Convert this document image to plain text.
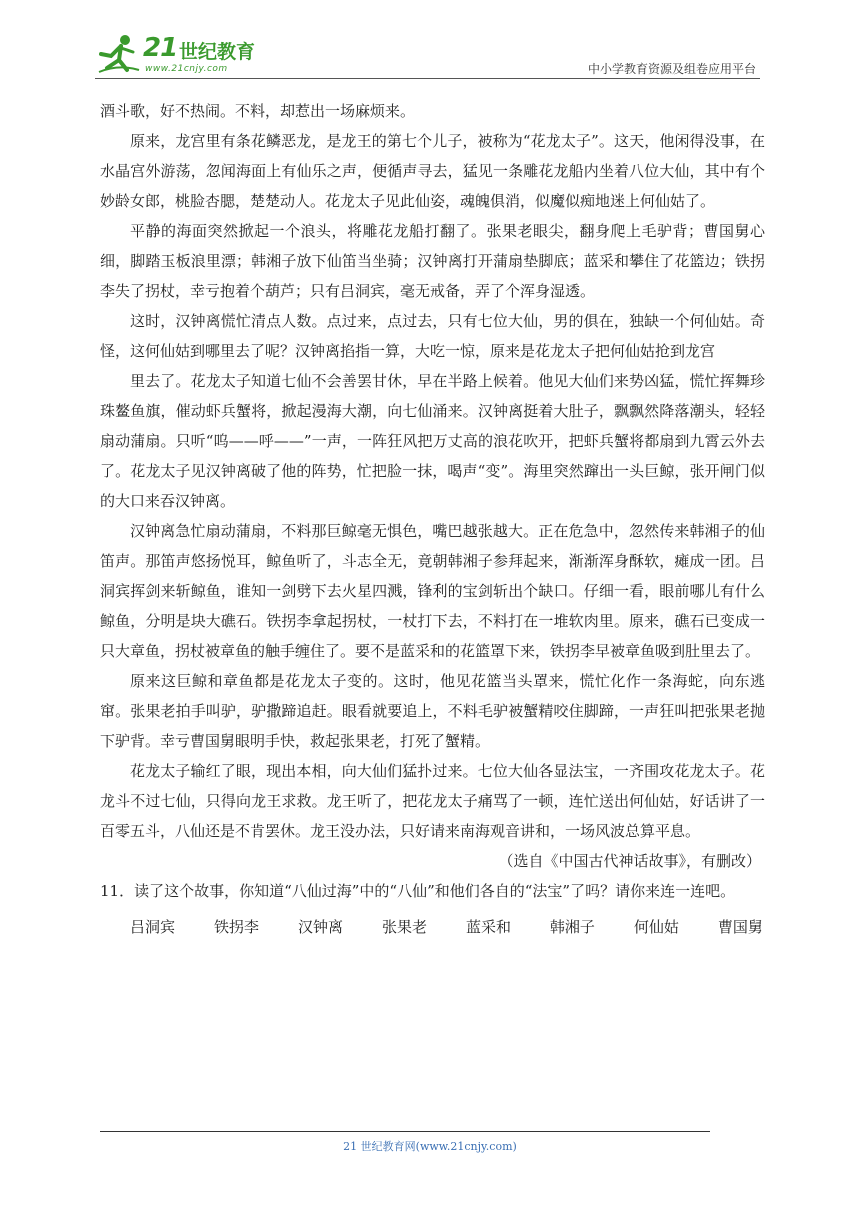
21 世纪教育
www.21cnjy.com	中小学教育资源及组卷应用平台

酒斗歌，好不热闹。不料，却惹出一场麻烦来。

原来，龙宫里有条花鳞恶龙，是龙王的第七个儿子，被称为“花龙太子”。这天，他闲得没事，在水晶宫外游荡，忽闻海面上有仙乐之声，便循声寻去，猛见一条雕花龙船内坐着八位大仙，其中有个妙龄女郎，桃脸杏腮，楚楚动人。花龙太子见此仙姿，魂魄俱消，似魔似痴地迷上何仙姑了。

平静的海面突然掀起一个浪头，将雕花龙船打翻了。张果老眼尖，翻身爬上毛驴背；曹国舅心细，脚踏玉板浪里漂；韩湘子放下仙笛当坐骑；汉钟离打开蒲扇垫脚底；蓝采和攀住了花篮边；铁拐李失了拐杖，幸亏抱着个葫芦；只有吕洞宾，毫无戒备，弄了个浑身湿透。

这时，汉钟离慌忙清点人数。点过来，点过去，只有七位大仙，男的俱在，独缺一个何仙姑。奇怪，这何仙姑到哪里去了呢？汉钟离掐指一算，大吃一惊，原来是花龙太子把何仙姑抢到龙宫

里去了。花龙太子知道七仙不会善罢甘休，早在半路上候着。他见大仙们来势凶猛，慌忙挥舞珍珠鳌鱼旗，催动虾兵蟹将，掀起漫海大潮，向七仙涌来。汉钟离挺着大肚子，飘飘然降落潮头，轻轻扇动蒲扇。只听“呜——呼——”一声，一阵狂风把万丈高的浪花吹开，把虾兵蟹将都扇到九霄云外去了。花龙太子见汉钟离破了他的阵势，忙把脸一抹，喝声“变”。海里突然蹿出一头巨鲸，张开闸门似的大口来吞汉钟离。

汉钟离急忙扇动蒲扇，不料那巨鲸毫无惧色，嘴巴越张越大。正在危急中，忽然传来韩湘子的仙笛声。那笛声悠扬悦耳，鲸鱼听了，斗志全无，竟朝韩湘子参拜起来，渐渐浑身酥软，瘫成一团。吕洞宾挥剑来斩鲸鱼，谁知一剑劈下去火星四溅，锋利的宝剑斩出个缺口。仔细一看，眼前哪儿有什么鲸鱼，分明是块大礁石。铁拐李拿起拐杖，一杖打下去，不料打在一堆软肉里。原来，礁石已变成一只大章鱼，拐杖被章鱼的触手缠住了。要不是蓝采和的花篮罩下来，铁拐李早被章鱼吸到肚里去了。

原来这巨鲸和章鱼都是花龙太子变的。这时，他见花篮当头罩来，慌忙化作一条海蛇，向东逃窜。张果老拍手叫驴，驴撒蹄追赶。眼看就要追上，不料毛驴被蟹精咬住脚蹄，一声狂叫把张果老抛下驴背。幸亏曹国舅眼明手快，救起张果老，打死了蟹精。

花龙太子输红了眼，现出本相，向大仙们猛扑过来。七位大仙各显法宝，一齐围攻花龙太子。花龙斗不过七仙，只得向龙王求救。龙王听了，把花龙太子痛骂了一顿，连忙送出何仙姑，好话讲了一百零五斗，八仙还是不肯罢休。龙王没办法，只好请来南海观音讲和，一场风波总算平息。

（选自《中国古代神话故事》，有删改）

11．读了这个故事，你知道“八仙过海”中的“八仙”和他们各自的“法宝”了吗？请你来连一连吧。

吕洞宾	铁拐李	汉钟离	张果老	蓝采和	韩湘子	何仙姑	曹国舅
21 世纪教育网(www.21cnjy.com)
